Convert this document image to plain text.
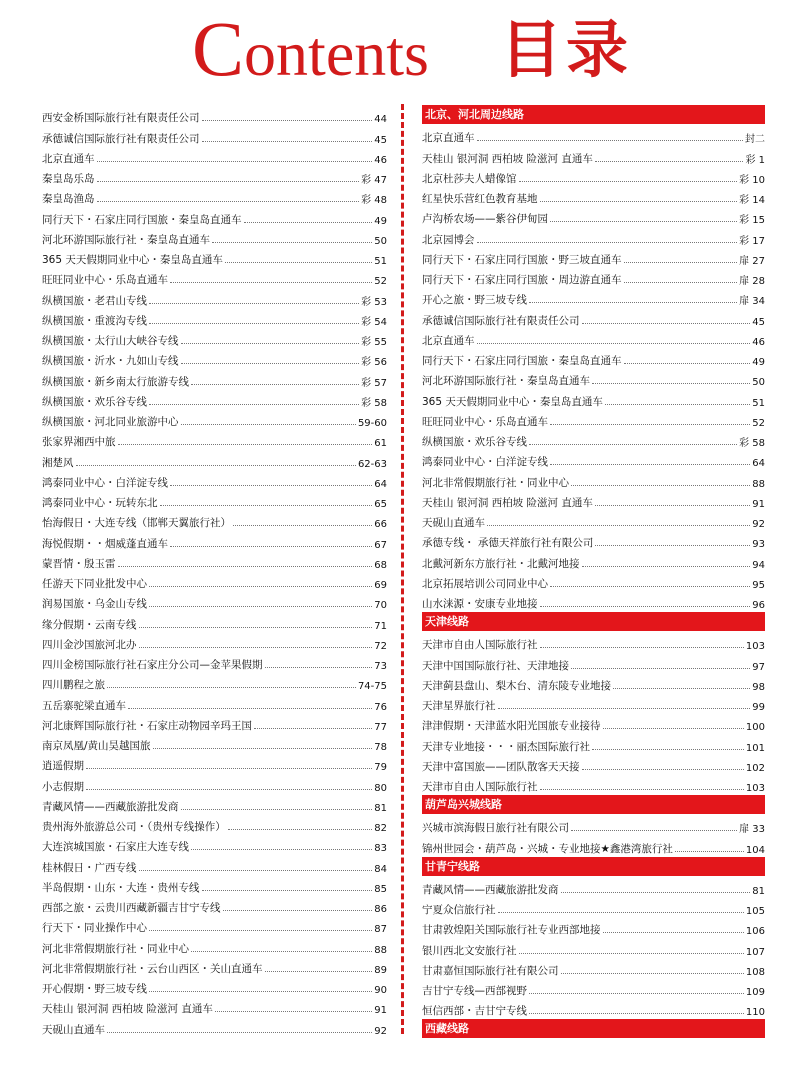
Contents 目录
西安金桥国际旅行社有限责任公司	44
承德诚信国际旅行社有限责任公司	45
北京直通车	46
秦皇岛乐岛	彩 47
秦皇岛渔岛	彩 48
同行天下・石家庄同行国旅・秦皇岛直通车	49
河北环游国际旅行社・秦皇岛直通车	50
365 天天假期同业中心・秦皇岛直通车	51
旺旺同业中心・乐岛直通车	52
纵横国旅・老君山专线	彩 53
纵横国旅・重渡沟专线	彩 54
纵横国旅・太行山大峡谷专线	彩 55
纵横国旅・沂水・九如山专线	彩 56
纵横国旅・新乡南太行旅游专线	彩 57
纵横国旅・欢乐谷专线	彩 58
纵横国旅・河北同业旅游中心	59-60
张家界湘西中旅	61
湘楚风	62-63
鸿泰同业中心・白洋淀专线	64
鸿泰同业中心・玩转东北	65
怡海假日・大连专线（邯郸天翼旅行社）	66
海悦假期・・烟威蓬直通车	67
蒙晋情・殷玉雷	68
任游天下同业批发中心	69
润易国旅・乌金山专线	70
缘分假期・云南专线	71
四川金沙国旅河北办	72
四川金榜国际旅行社石家庄分公司—金苹果假期	73
四川鹏程之旅	74-75
五岳寨驼梁直通车	76
河北康辉国际旅行社・石家庄动物园辛玛王国	77
南京凤凰/黄山昊越国旅	78
逍遥假期	79
小志假期	80
青藏风情——西藏旅游批发商	81
贵州海外旅游总公司・（贵州专线操作）	82
大连滨城国旅・石家庄大连专线	83
桂林假日・广西专线	84
半岛假期・山东・大连・贵州专线	85
西部之旅・云贵川西藏新疆吉甘宁专线	86
行天下・同业操作中心	87
河北非常假期旅行社・同业中心	88
河北非常假期旅行社・云台山西区・关山直通车	89
开心假期・野三坡专线	90
天桂山 银河洞 西柏坡 险滋河 直通车	91
天砚山直通车	92
北京、河北周边线路
北京直通车	封二
天桂山 银河洞 西柏坡 险滋河 直通车	彩 1
北京杜莎夫人蜡像馆	彩 10
红星快乐营红色教育基地	彩 14
卢沟桥农场——紫谷伊甸园	彩 15
北京园博会	彩 17
同行天下・石家庄同行国旅・野三坡直通车	扉 27
同行天下・石家庄同行国旅・周边游直通车	扉 28
开心之旅・野三坡专线	扉 34
承德诚信国际旅行社有限责任公司	45
北京直通车	46
同行天下・石家庄同行国旅・秦皇岛直通车	49
河北环游国际旅行社・秦皇岛直通车	50
365 天天假期同业中心・秦皇岛直通车	51
旺旺同业中心・乐岛直通车	52
纵横国旅・欢乐谷专线	彩 58
鸿泰同业中心・白洋淀专线	64
河北非常假期旅行社・同业中心	88
天桂山 银河洞 西柏坡 险滋河 直通车	91
天砚山直通车	92
承德专线・ 承德天祥旅行社有限公司	93
北戴河新东方旅行社・北戴河地接	94
北京拓展培训公司同业中心	95
山水涞源・安康专业地接	96
天津线路
天津市自由人国际旅行社	103
天津中国国际旅行社、天津地接	97
天津蓟县盘山、梨木台、清东陵专业地接	98
天津星界旅行社	99
津津假期・天津蓝水阳光国旅专业接待	100
天津专业地接・・・丽杰国际旅行社	101
天津中富国旅——团队散客天天接	102
天津市自由人国际旅行社	103
葫芦岛兴城线路
兴城市滨海假日旅行社有限公司	扉 33
锦州世园会・葫芦岛・兴城・专业地接★鑫港湾旅行社	104
甘青宁线路
青藏风情——西藏旅游批发商	81
宁夏众信旅行社	105
甘肃敦煌阳关国际旅行社专业西部地接	106
银川西北文安旅行社	107
甘肃嘉恒国际旅行社有限公司	108
吉甘宁专线—西部视野	109
恒信西部・吉甘宁专线	110
西藏线路
